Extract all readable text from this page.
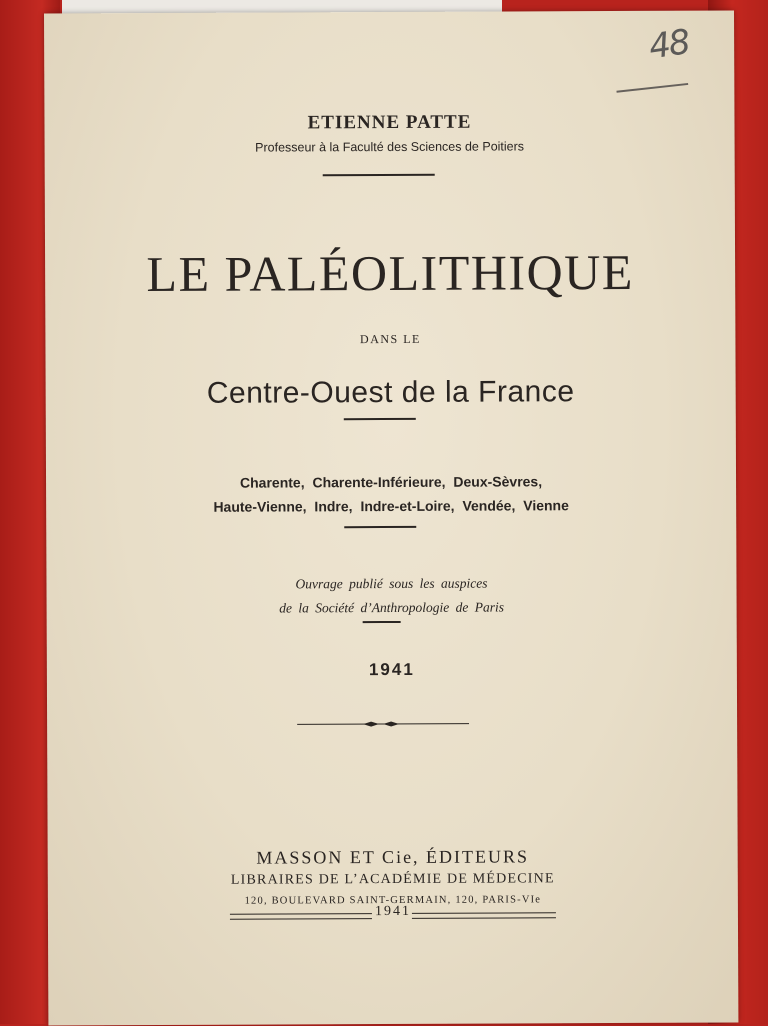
48
ETIENNE PATTE
Professeur à la Faculté des Sciences de Poitiers
LE PALÉOLITHIQUE
DANS LE
Centre-Ouest de la France
Charente, Charente-Inférieure, Deux-Sèvres,
Haute-Vienne, Indre, Indre-et-Loire, Vendée, Vienne
Ouvrage publié sous les auspices
de la Société d’Anthropologie de Paris
1941
MASSON ET Cie, ÉDITEURS
LIBRAIRES DE L’ACADÉMIE DE MÉDECINE
120, BOULEVARD SAINT-GERMAIN, 120, PARIS-VIe
1941
